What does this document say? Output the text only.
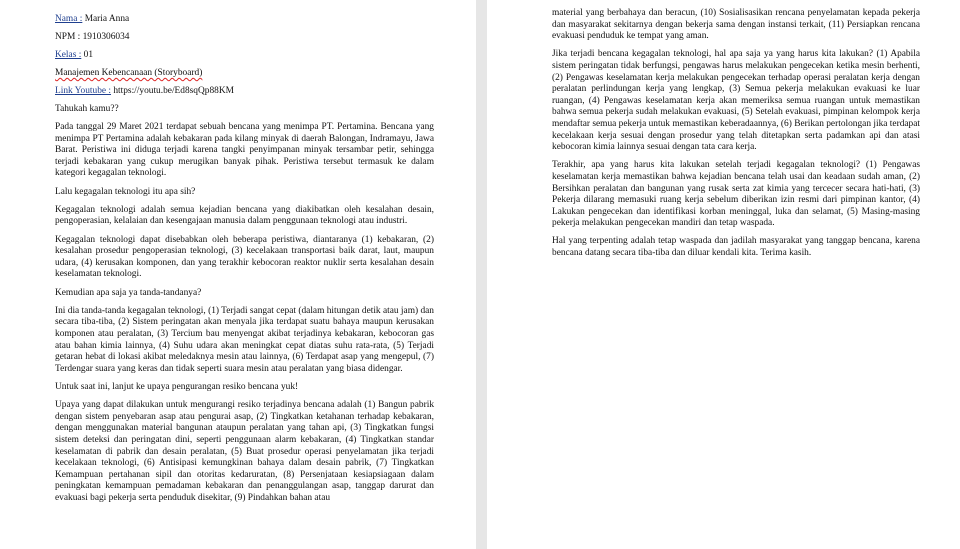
Nama : Maria Anna

NPM : 1910306034

Kelas : 01

Manajemen Kebencanaan (Storyboard)

Link Youtube : https://youtu.be/Ed8sqQp88KM

Tahukah kamu??

Pada tanggal 29 Maret 2021 terdapat sebuah bencana yang menimpa PT. Pertamina. Bencana yang menimpa PT Pertamina adalah kebakaran pada kilang minyak di daerah Balongan, Indramayu, Jawa Barat. Peristiwa ini diduga terjadi karena tangki penyimpanan minyak tersambar petir, sehingga terjadi kebakaran yang cukup merugikan banyak pihak. Peristiwa tersebut termasuk ke dalam kategori kegagalan teknologi.

Lalu kegagalan teknologi itu apa sih?

Kegagalan teknologi adalah semua kejadian bencana yang diakibatkan oleh kesalahan desain, pengoperasian, kelalaian dan kesengajaan manusia dalam penggunaan teknologi atau industri.

Kegagalan teknologi dapat disebabkan oleh beberapa peristiwa, diantaranya (1) kebakaran, (2) kesalahan prosedur pengoperasian teknologi, (3) kecelakaan transportasi baik darat, laut, maupun udara, (4) kerusakan komponen, dan yang terakhir kebocoran reaktor nuklir serta kesalahan desain keselamatan teknologi.

Kemudian apa saja ya tanda-tandanya?

Ini dia tanda-tanda kegagalan teknologi, (1) Terjadi sangat cepat (dalam hitungan detik atau jam) dan secara tiba-tiba, (2) Sistem peringatan akan menyala jika terdapat suatu bahaya maupun kerusakan komponen atau peralatan, (3) Tercium bau menyengat akibat terjadinya kebakaran, kebocoran gas atau bahan kimia lainnya, (4) Suhu udara akan meningkat cepat diatas suhu rata-rata, (5) Terjadi getaran hebat di lokasi akibat meledaknya mesin atau lainnya, (6) Terdapat asap yang mengepul, (7) Terdengar suara yang keras dan tidak seperti suara mesin atau peralatan yang biasa didengar.

Untuk saat ini, lanjut ke upaya pengurangan resiko bencana yuk!

Upaya yang dapat dilakukan untuk mengurangi resiko terjadinya bencana adalah (1) Bangun pabrik dengan sistem penyebaran asap atau pengurai asap, (2) Tingkatkan ketahanan terhadap kebakaran, dengan menggunakan material bangunan ataupun peralatan yang tahan api, (3) Tingkatkan fungsi sistem deteksi dan peringatan dini, seperti penggunaan alarm kebakaran, (4) Tingkatkan standar keselamatan di pabrik dan desain peralatan, (5) Buat prosedur operasi penyelamatan jika terjadi kecelakaan teknologi, (6) Antisipasi kemungkinan bahaya dalam desain pabrik, (7) Tingkatkan Kemampuan pertahanan sipil dan otoritas kedaruratan, (8) Persenjataan kesiapsiagaan dalam peningkatan kemampuan pemadaman kebakaran dan penanggulangan asap, tanggap darurat dan evakuasi bagi pekerja serta penduduk disekitar, (9) Pindahkan bahan atau

material yang berbahaya dan beracun, (10) Sosialisasikan rencana penyelamatan kepada pekerja dan masyarakat sekitarnya dengan bekerja sama dengan instansi terkait, (11) Persiapkan rencana evakuasi penduduk ke tempat yang aman.

Jika terjadi bencana kegagalan teknologi, hal apa saja ya yang harus kita lakukan? (1) Apabila sistem peringatan tidak berfungsi, pengawas harus melakukan pengecekan ketika mesin berhenti, (2) Pengawas keselamatan kerja melakukan pengecekan terhadap operasi peralatan kerja dengan peralatan perlindungan kerja yang lengkap, (3) Semua pekerja melakukan evakuasi ke luar ruangan, (4) Pengawas keselamatan kerja akan memeriksa semua ruangan untuk memastikan bahwa semua pekerja sudah melakukan evakuasi, (5) Setelah evakuasi, pimpinan kelompok kerja mendaftar semua pekerja untuk memastikan keberadaannya, (6) Berikan pertolongan jika terdapat kecelakaan kerja sesuai dengan prosedur yang telah ditetapkan serta padamkan api dan atasi kebocoran kimia lainnya sesuai dengan tata cara kerja.

Terakhir, apa yang harus kita lakukan setelah terjadi kegagalan teknologi? (1) Pengawas keselamatan kerja memastikan bahwa kejadian bencana telah usai dan keadaan sudah aman, (2) Bersihkan peralatan dan bangunan yang rusak serta zat kimia yang tercecer secara hati-hati, (3) Pekerja dilarang memasuki ruang kerja sebelum diberikan izin resmi dari pimpinan kantor, (4) Lakukan pengecekan dan identifikasi korban meninggal, luka dan selamat, (5) Masing-masing pekerja melakukan pengecekan mandiri dan tetap waspada.

Hal yang terpenting adalah tetap waspada dan jadilah masyarakat yang tanggap bencana, karena bencana datang secara tiba-tiba dan diluar kendali kita. Terima kasih.
